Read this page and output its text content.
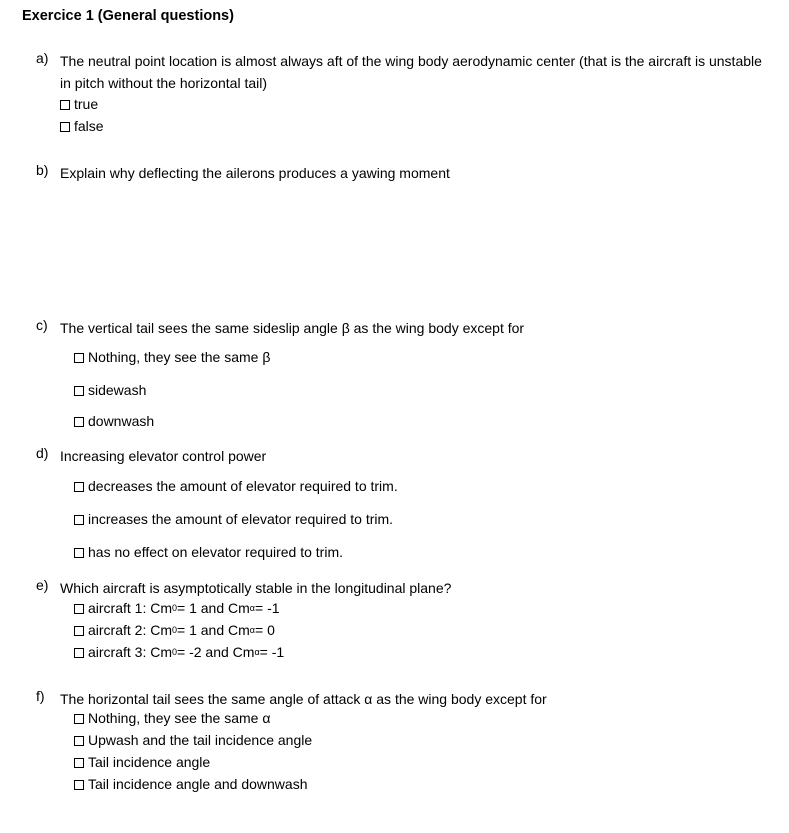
Exercice 1 (General questions)
a) The neutral point location is almost always aft of the wing body aerodynamic center (that is the aircraft is unstable in pitch without the horizontal tail)
true
false
b) Explain why deflecting the ailerons produces a yawing moment
c) The vertical tail sees the same sideslip angle β as the wing body except for
Nothing, they see the same β
sidewash
downwash
d) Increasing elevator control power
decreases the amount of elevator required to trim.
increases the amount of elevator required to trim.
has no effect on elevator required to trim.
e) Which aircraft is asymptotically stable in the longitudinal plane?
aircraft 1: Cm 0 = 1 and Cm α = -1
aircraft 2: Cm 0 = 1 and Cm α = 0
aircraft 3: Cm 0 = -2 and Cm α = -1
f) The horizontal tail sees the same angle of attack α as the wing body except for
Nothing, they see the same α
Upwash and the tail incidence angle
Tail incidence angle
Tail incidence angle and downwash
